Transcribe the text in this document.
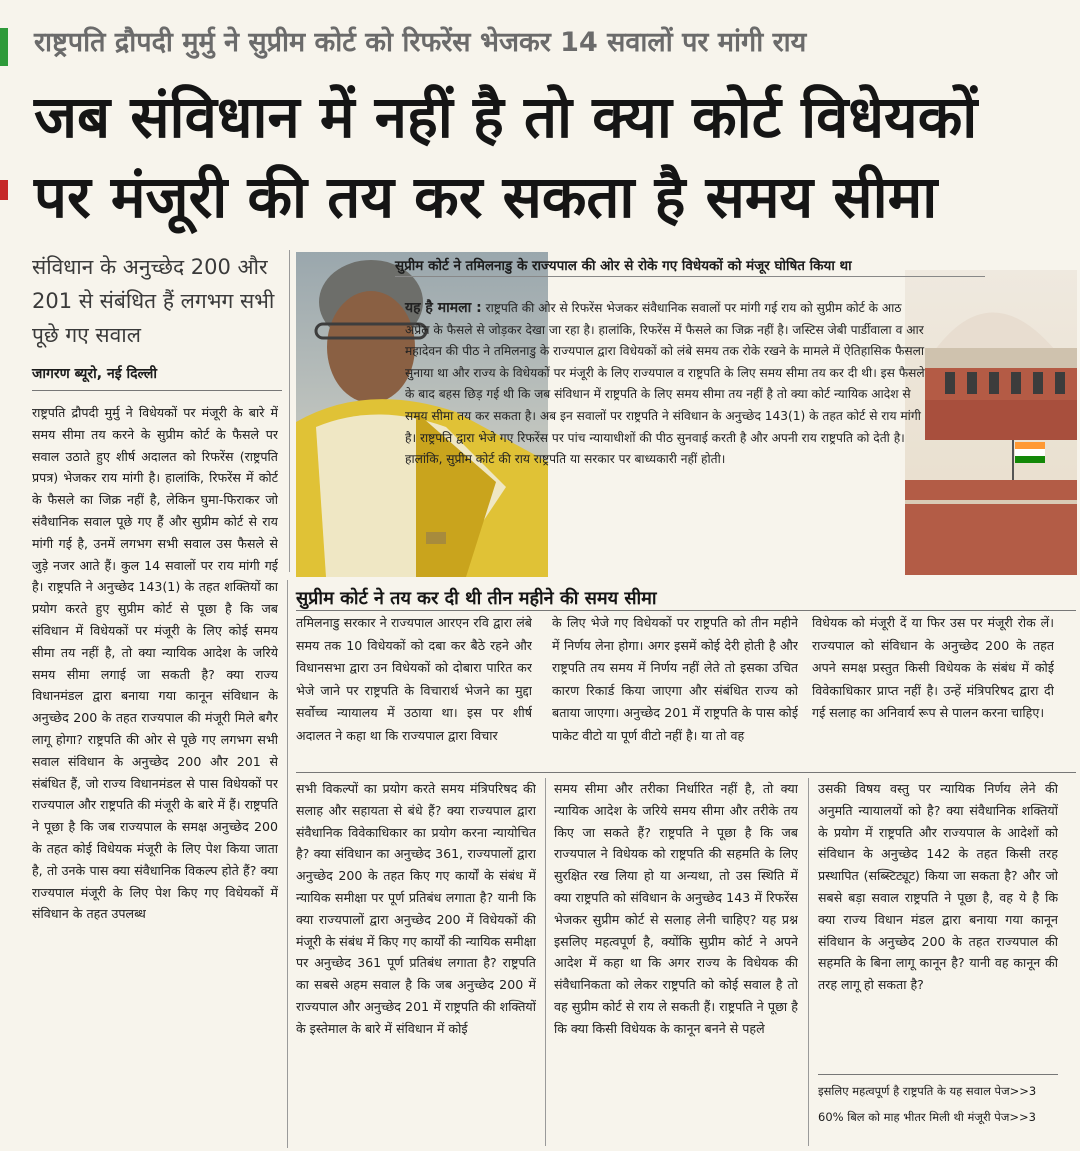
राष्ट्रपति द्रौपदी मुर्मु ने सुप्रीम कोर्ट को रिफरेंस भेजकर 14 सवालों पर मांगी राय
जब संविधान में नहीं है तो क्या कोर्ट विधेयकों
पर मंजूरी की तय कर सकता है समय सीमा
संविधान के अनुच्छेद 200 और 201 से संबंधित हैं लगभग सभी पूछे गए सवाल
जागरण ब्यूरो, नई दिल्ली
राष्ट्रपति द्रौपदी मुर्मु ने विधेयकों पर मंजूरी के बारे में समय सीमा तय करने के सुप्रीम कोर्ट के फैसले पर सवाल उठाते हुए शीर्ष अदालत को रिफरेंस (राष्ट्रपति प्रपत्र) भेजकर राय मांगी है। हालांकि, रिफरेंस में कोर्ट के फैसले का जिक्र नहीं है, लेकिन घुमा-फिराकर जो संवैधानिक सवाल पूछे गए हैं और सुप्रीम कोर्ट से राय मांगी गई है, उनमें लगभग सभी सवाल उस फैसले से जुड़े नजर आते हैं। कुल 14 सवालों पर राय मांगी गई है। राष्ट्रपति ने अनुच्छेद 143(1) के तहत शक्तियों का प्रयोग करते हुए सुप्रीम कोर्ट से पूछा है कि जब संविधान में विधेयकों पर मंजूरी के लिए कोई समय सीमा तय नहीं है, तो क्या न्यायिक आदेश के जरिये समय सीमा लगाई जा सकती है? क्या राज्य विधानमंडल द्वारा बनाया गया कानून संविधान के अनुच्छेद 200 के तहत राज्यपाल की मंजूरी मिले बगैर लागू होगा? राष्ट्रपति की ओर से पूछे गए लगभग सभी सवाल संविधान के अनुच्छेद 200 और 201 से संबंधित हैं, जो राज्य विधानमंडल से पास विधेयकों पर राज्यपाल और राष्ट्रपति की मंजूरी के बारे में हैं। राष्ट्रपति ने पूछा है कि जब राज्यपाल के समक्ष अनुच्छेद 200 के तहत कोई विधेयक मंजूरी के लिए पेश किया जाता है, तो उनके पास क्या संवैधानिक विकल्प होते हैं? क्या राज्यपाल मंजूरी के लिए पेश किए गए विधेयकों में संविधान के तहत उपलब्ध
सुप्रीम कोर्ट ने तमिलनाडु के राज्यपाल की ओर से रोके गए विधेयकों को मंजूर घोषित किया था
यह है मामला : राष्ट्रपति की ओर से रिफरेंस भेजकर संवैधानिक सवालों पर मांगी गई राय को सुप्रीम कोर्ट के आठ अप्रैल के फैसले से जोड़कर देखा जा रहा है। हालांकि, रिफरेंस में फैसले का जिक्र नहीं है। जस्टिस जेबी पार्डीवाला व आर महादेवन की पीठ ने तमिलनाडु के राज्यपाल द्वारा विधेयकों को लंबे समय तक रोके रखने के मामले में ऐतिहासिक फैसला सुनाया था और राज्य के विधेयकों पर मंजूरी के लिए राज्यपाल व राष्ट्रपति के लिए समय सीमा तय कर दी थी। इस फैसले के बाद बहस छिड़ गई थी कि जब संविधान में राष्ट्रपति के लिए समय सीमा तय नहीं है तो क्या कोर्ट न्यायिक आदेश से समय सीमा तय कर सकता है। अब इन सवालों पर राष्ट्रपति ने संविधान के अनुच्छेद 143(1) के तहत कोर्ट से राय मांगी है। राष्ट्रपति द्वारा भेजे गए रिफरेंस पर पांच न्यायाधीशों की पीठ सुनवाई करती है और अपनी राय राष्ट्रपति को देती है। हालांकि, सुप्रीम कोर्ट की राय राष्ट्रपति या सरकार पर बाध्यकारी नहीं होती।
सुप्रीम कोर्ट ने तय कर दी थी तीन महीने की समय सीमा
तमिलनाडु सरकार ने राज्यपाल आरएन रवि द्वारा लंबे समय तक 10 विधेयकों को दबा कर बैठे रहने और विधानसभा द्वारा उन विधेयकों को दोबारा पारित कर भेजे जाने पर राष्ट्रपति के विचारार्थ भेजने का मुद्दा सर्वोच्च न्यायालय में उठाया था। इस पर शीर्ष अदालत ने कहा था कि राज्यपाल द्वारा विचार
के लिए भेजे गए विधेयकों पर राष्ट्रपति को तीन महीने में निर्णय लेना होगा। अगर इसमें कोई देरी होती है और राष्ट्रपति तय समय में निर्णय नहीं लेते तो इसका उचित कारण रिकार्ड किया जाएगा और संबंधित राज्य को बताया जाएगा। अनुच्छेद 201 में राष्ट्रपति के पास कोई पाकेट वीटो या पूर्ण वीटो नहीं है। या तो वह
विधेयक को मंजूरी दें या फिर उस पर मंजूरी रोक लें। राज्यपाल को संविधान के अनुच्छेद 200 के तहत अपने समक्ष प्रस्तुत किसी विधेयक के संबंध में कोई विवेकाधिकार प्राप्त नहीं है। उन्हें मंत्रिपरिषद द्वारा दी गई सलाह का अनिवार्य रूप से पालन करना चाहिए।
सभी विकल्पों का प्रयोग करते समय मंत्रिपरिषद की सलाह और सहायता से बंधे हैं? क्या राज्यपाल द्वारा संवैधानिक विवेकाधिकार का प्रयोग करना न्यायोचित है? क्या संविधान का अनुच्छेद 361, राज्यपालों द्वारा अनुच्छेद 200 के तहत किए गए कार्यों के संबंध में न्यायिक समीक्षा पर पूर्ण प्रतिबंध लगाता है? यानी कि क्या राज्यपालों द्वारा अनुच्छेद 200 में विधेयकों की मंजूरी के संबंध में किए गए कार्यों की न्यायिक समीक्षा पर अनुच्छेद 361 पूर्ण प्रतिबंध लगाता है? राष्ट्रपति का सबसे अहम सवाल है कि जब अनुच्छेद 200 में राज्यपाल और अनुच्छेद 201 में राष्ट्रपति की शक्तियों के इस्तेमाल के बारे में संविधान में कोई
समय सीमा और तरीका निर्धारित नहीं है, तो क्या न्यायिक आदेश के जरिये समय सीमा और तरीके तय किए जा सकते हैं? राष्ट्रपति ने पूछा है कि जब राज्यपाल ने विधेयक को राष्ट्रपति की सहमति के लिए सुरक्षित रख लिया हो या अन्यथा, तो उस स्थिति में क्या राष्ट्रपति को संविधान के अनुच्छेद 143 में रिफरेंस भेजकर सुप्रीम कोर्ट से सलाह लेनी चाहिए? यह प्रश्न इसलिए महत्वपूर्ण है, क्योंकि सुप्रीम कोर्ट ने अपने आदेश में कहा था कि अगर राज्य के विधेयक की संवैधानिकता को लेकर राष्ट्रपति को कोई सवाल है तो वह सुप्रीम कोर्ट से राय ले सकती हैं। राष्ट्रपति ने पूछा है कि क्या किसी विधेयक के कानून बनने से पहले
उसकी विषय वस्तु पर न्यायिक निर्णय लेने की अनुमति न्यायालयों को है? क्या संवैधानिक शक्तियों के प्रयोग में राष्ट्रपति और राज्यपाल के आदेशों को संविधान के अनुच्छेद 142 के तहत किसी तरह प्रस्थापित (सब्स्टिट्यूट) किया जा सकता है? और जो सबसे बड़ा सवाल राष्ट्रपति ने पूछा है, वह ये है कि क्या राज्य विधान मंडल द्वारा बनाया गया कानून संविधान के अनुच्छेद 200 के तहत राज्यपाल की सहमति के बिना लागू कानून है? यानी वह कानून की तरह लागू हो सकता है?
इसलिए महत्वपूर्ण है राष्ट्रपति के यह सवाल पेज>>3
60% बिल को माह भीतर मिली थी मंजूरी पेज>>3
